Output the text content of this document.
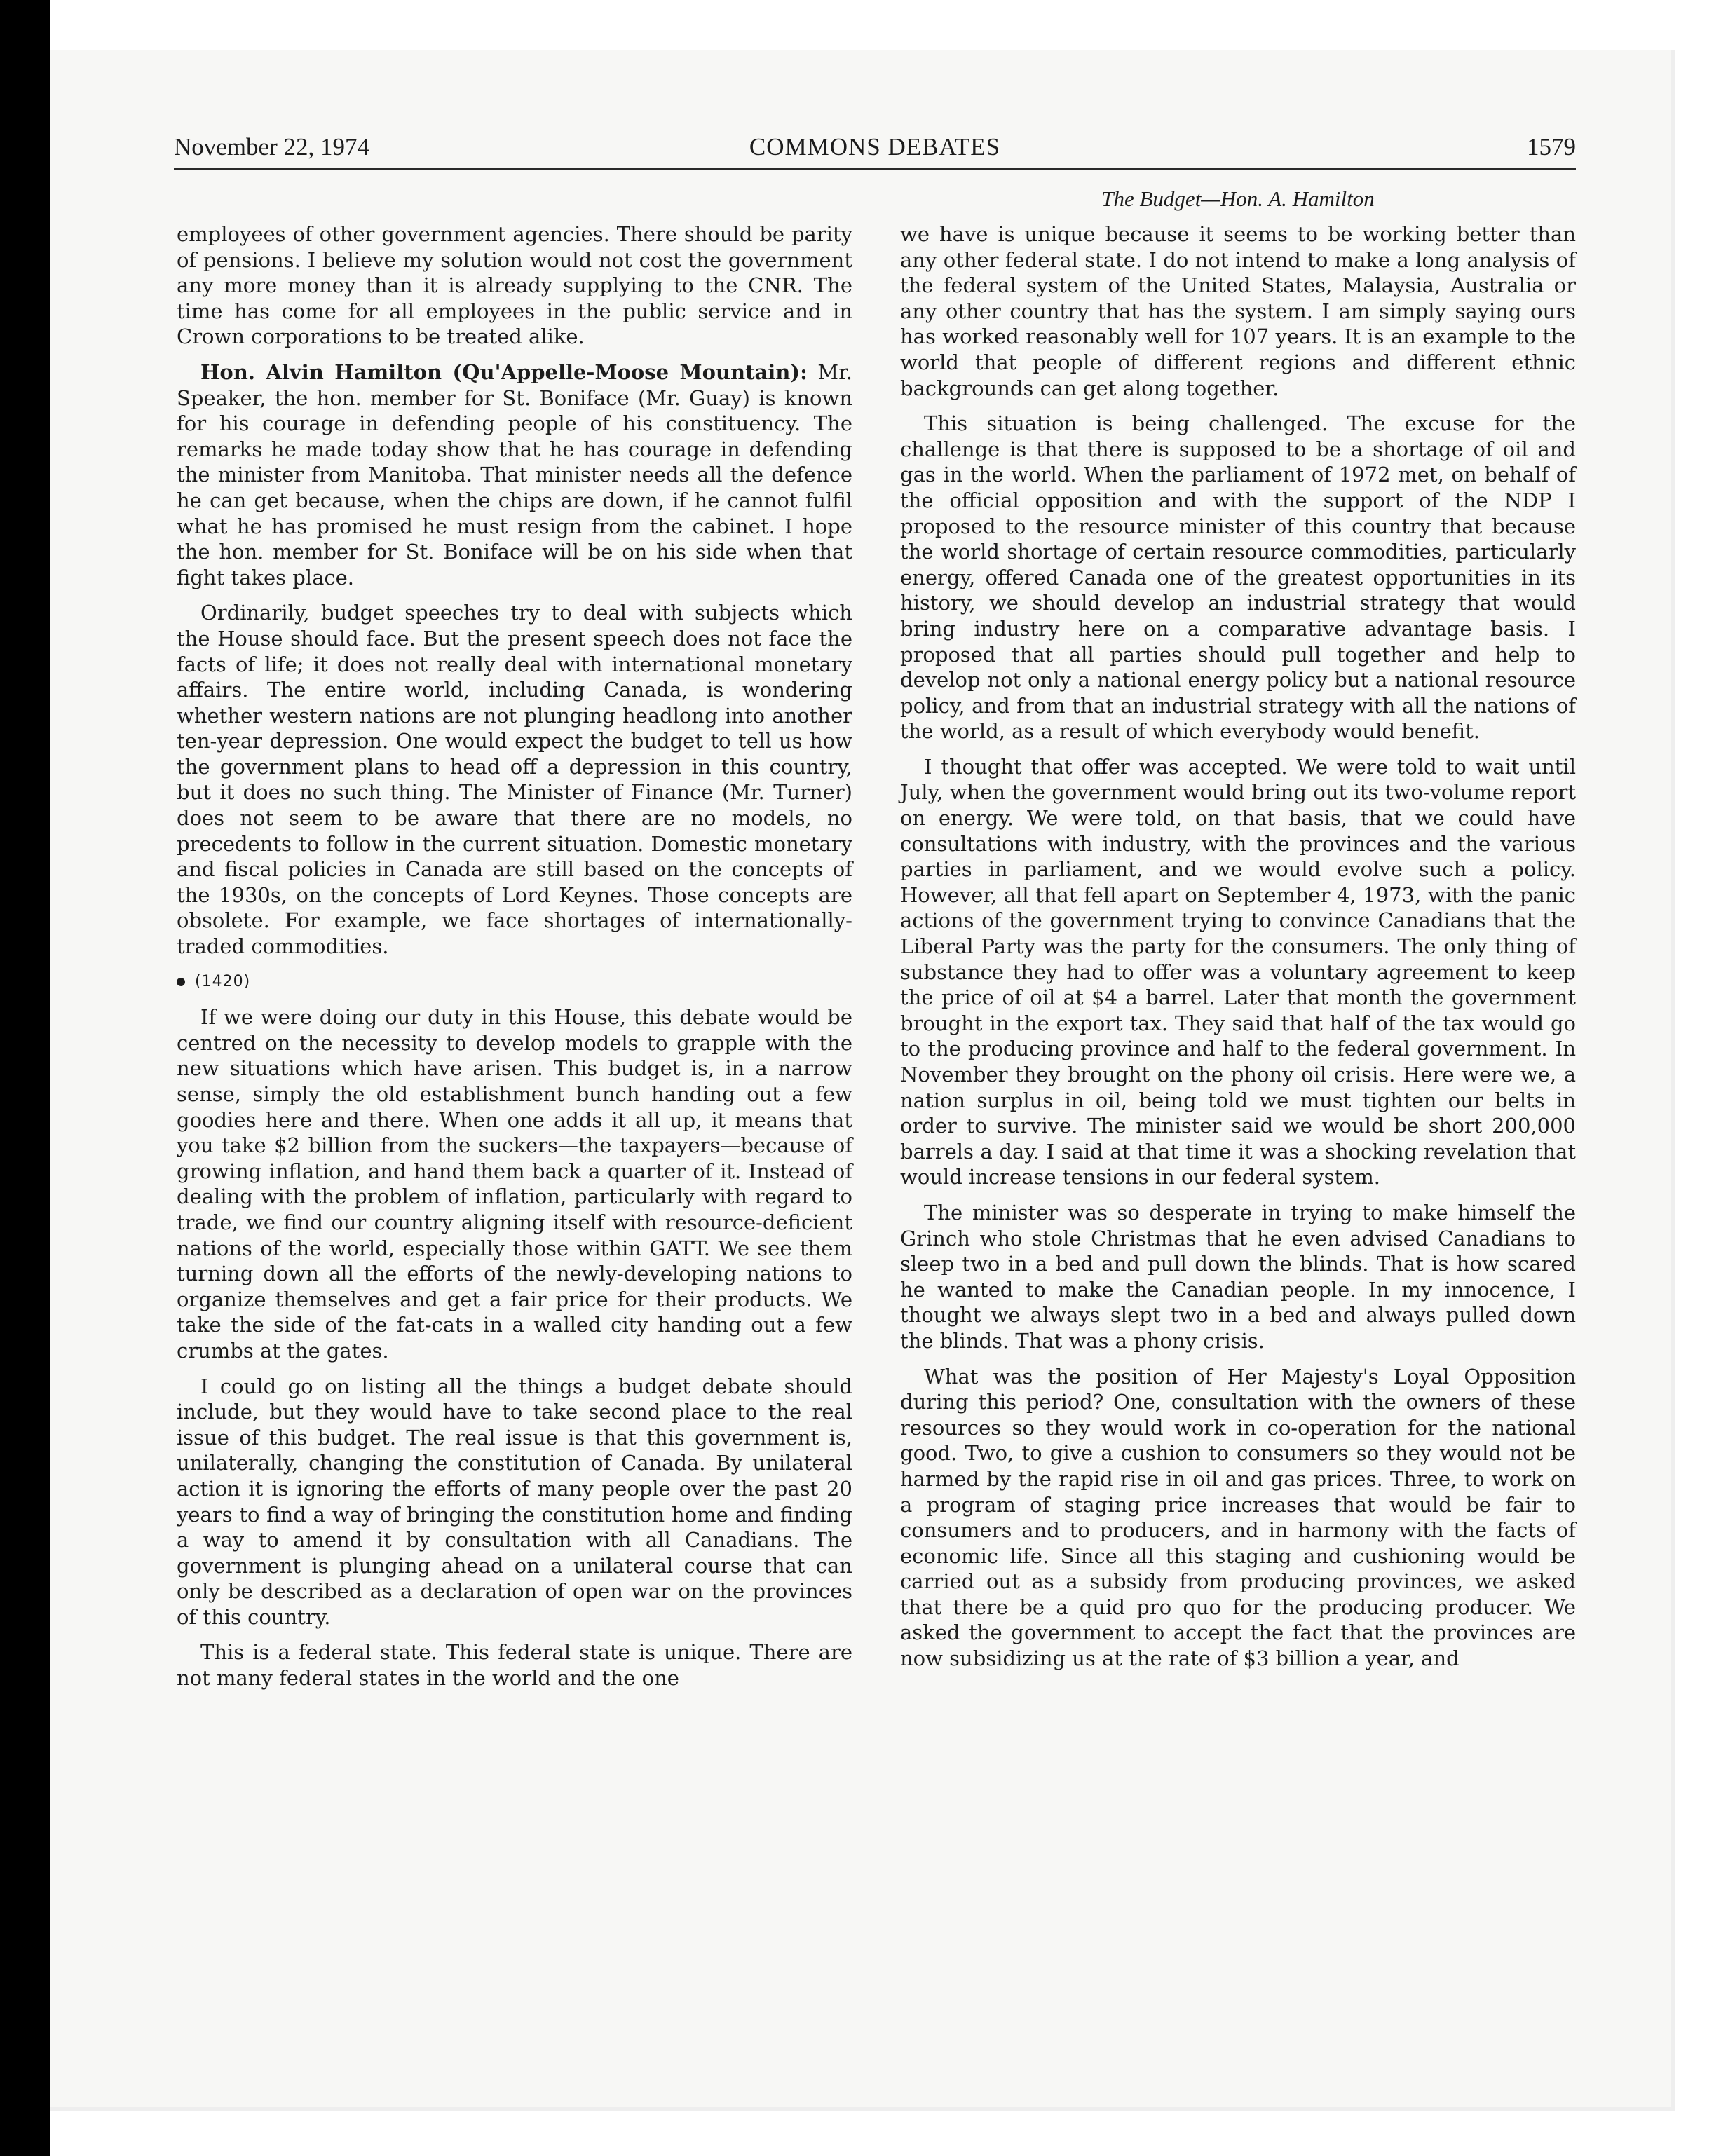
November 22, 1974	COMMONS DEBATES	1579
The Budget—Hon. A. Hamilton

employees of other government agencies. There should be parity of pensions. I believe my solution would not cost the government any more money than it is already supplying to the CNR. The time has come for all employees in the public service and in Crown corporations to be treated alike.

Hon. Alvin Hamilton (Qu'Appelle-Moose Mountain): Mr. Speaker, the hon. member for St. Boniface (Mr. Guay) is known for his courage in defending people of his constituency. The remarks he made today show that he has courage in defending the minister from Manitoba. That minister needs all the defence he can get because, when the chips are down, if he cannot fulfil what he has promised he must resign from the cabinet. I hope the hon. member for St. Boniface will be on his side when that fight takes place.

Ordinarily, budget speeches try to deal with subjects which the House should face. But the present speech does not face the facts of life; it does not really deal with international monetary affairs. The entire world, including Canada, is wondering whether western nations are not plunging headlong into another ten-year depression. One would expect the budget to tell us how the government plans to head off a depression in this country, but it does no such thing. The Minister of Finance (Mr. Turner) does not seem to be aware that there are no models, no precedents to follow in the current situation. Domestic monetary and fiscal policies in Canada are still based on the concepts of the 1930s, on the concepts of Lord Keynes. Those concepts are obsolete. For example, we face shortages of internationally-traded commodities.

(1420)

If we were doing our duty in this House, this debate would be centred on the necessity to develop models to grapple with the new situations which have arisen. This budget is, in a narrow sense, simply the old establishment bunch handing out a few goodies here and there. When one adds it all up, it means that you take $2 billion from the suckers—the taxpayers—because of growing inflation, and hand them back a quarter of it. Instead of dealing with the problem of inflation, particularly with regard to trade, we find our country aligning itself with resource-deficient nations of the world, especially those within GATT. We see them turning down all the efforts of the newly-developing nations to organize themselves and get a fair price for their products. We take the side of the fat-cats in a walled city handing out a few crumbs at the gates.

I could go on listing all the things a budget debate should include, but they would have to take second place to the real issue of this budget. The real issue is that this government is, unilaterally, changing the constitution of Canada. By unilateral action it is ignoring the efforts of many people over the past 20 years to find a way of bringing the constitution home and finding a way to amend it by consultation with all Canadians. The government is plunging ahead on a unilateral course that can only be described as a declaration of open war on the provinces of this country.

This is a federal state. This federal state is unique. There are not many federal states in the world and the one

we have is unique because it seems to be working better than any other federal state. I do not intend to make a long analysis of the federal system of the United States, Malaysia, Australia or any other country that has the system. I am simply saying ours has worked reasonably well for 107 years. It is an example to the world that people of different regions and different ethnic backgrounds can get along together.

This situation is being challenged. The excuse for the challenge is that there is supposed to be a shortage of oil and gas in the world. When the parliament of 1972 met, on behalf of the official opposition and with the support of the NDP I proposed to the resource minister of this country that because the world shortage of certain resource commodities, particularly energy, offered Canada one of the greatest opportunities in its history, we should develop an industrial strategy that would bring industry here on a comparative advantage basis. I proposed that all parties should pull together and help to develop not only a national energy policy but a national resource policy, and from that an industrial strategy with all the nations of the world, as a result of which everybody would benefit.

I thought that offer was accepted. We were told to wait until July, when the government would bring out its two-volume report on energy. We were told, on that basis, that we could have consultations with industry, with the provinces and the various parties in parliament, and we would evolve such a policy. However, all that fell apart on September 4, 1973, with the panic actions of the government trying to convince Canadians that the Liberal Party was the party for the consumers. The only thing of substance they had to offer was a voluntary agreement to keep the price of oil at $4 a barrel. Later that month the government brought in the export tax. They said that half of the tax would go to the producing province and half to the federal government. In November they brought on the phony oil crisis. Here were we, a nation surplus in oil, being told we must tighten our belts in order to survive. The minister said we would be short 200,000 barrels a day. I said at that time it was a shocking revelation that would increase tensions in our federal system.

The minister was so desperate in trying to make himself the Grinch who stole Christmas that he even advised Canadians to sleep two in a bed and pull down the blinds. That is how scared he wanted to make the Canadian people. In my innocence, I thought we always slept two in a bed and always pulled down the blinds. That was a phony crisis.

What was the position of Her Majesty's Loyal Opposition during this period? One, consultation with the owners of these resources so they would work in co-operation for the national good. Two, to give a cushion to consumers so they would not be harmed by the rapid rise in oil and gas prices. Three, to work on a program of staging price increases that would be fair to consumers and to producers, and in harmony with the facts of economic life. Since all this staging and cushioning would be carried out as a subsidy from producing provinces, we asked that there be a quid pro quo for the producing producer. We asked the government to accept the fact that the provinces are now subsidizing us at the rate of $3 billion a year, and
